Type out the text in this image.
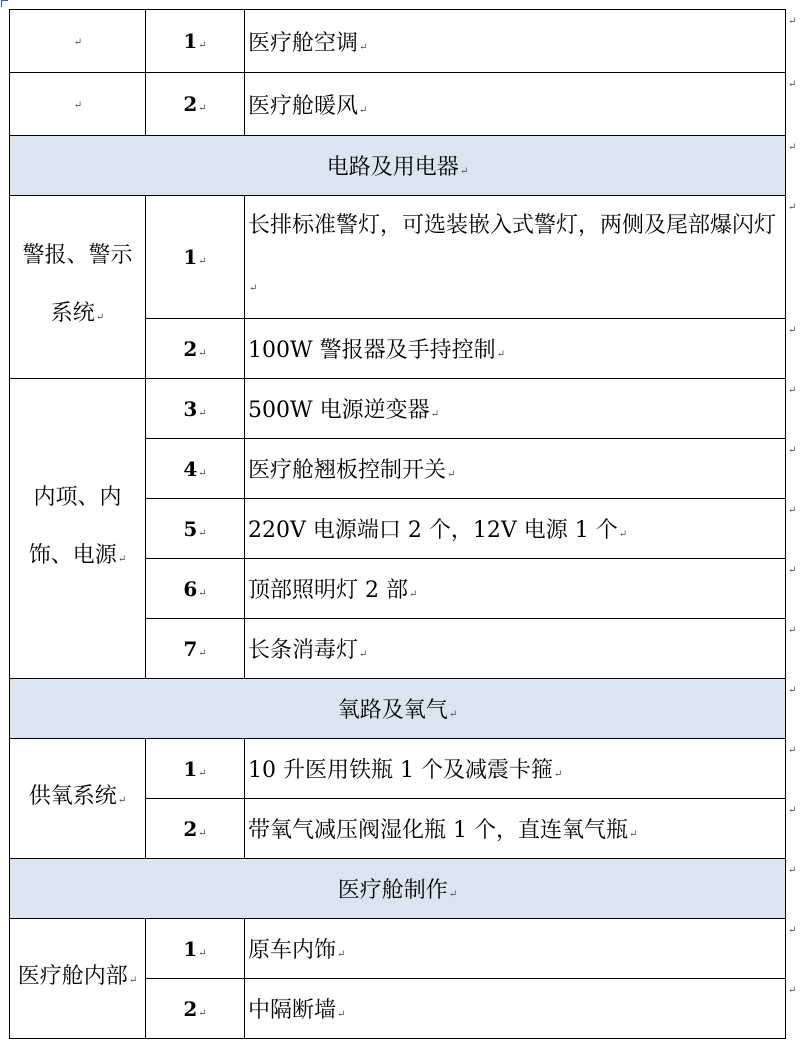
↵	1↵	医疗舱空调↵
↵	2↵	医疗舱暖风↵
电路及用电器↵		
警报、警示系统↵	1↵	长排标准警灯，可选装嵌入式警灯，两侧及尾部爆闪灯↵
	2↵	100W 警报器及手持控制↵
内项、内饰、电源↵	3↵	500W 电源逆变器↵
	4↵	医疗舱翘板控制开关↵
	5↵	220V 电源端口 2 个，12V 电源 1 个↵
	6↵	顶部照明灯 2 部↵
	7↵	长条消毒灯↵
氧路及氧气↵		
供氧系统↵	1↵	10 升医用铁瓶 1 个及减震卡箍↵
	2↵	带氧气减压阀湿化瓶 1 个，直连氧气瓶↵
医疗舱制作↵		
医疗舱内部↵	1↵	原车内饰↵
	2↵	中隔断墙↵
↵
↵
↵
↵
↵
↵
↵
↵
↵
↵
↵
↵
↵
↵
↵
↵
